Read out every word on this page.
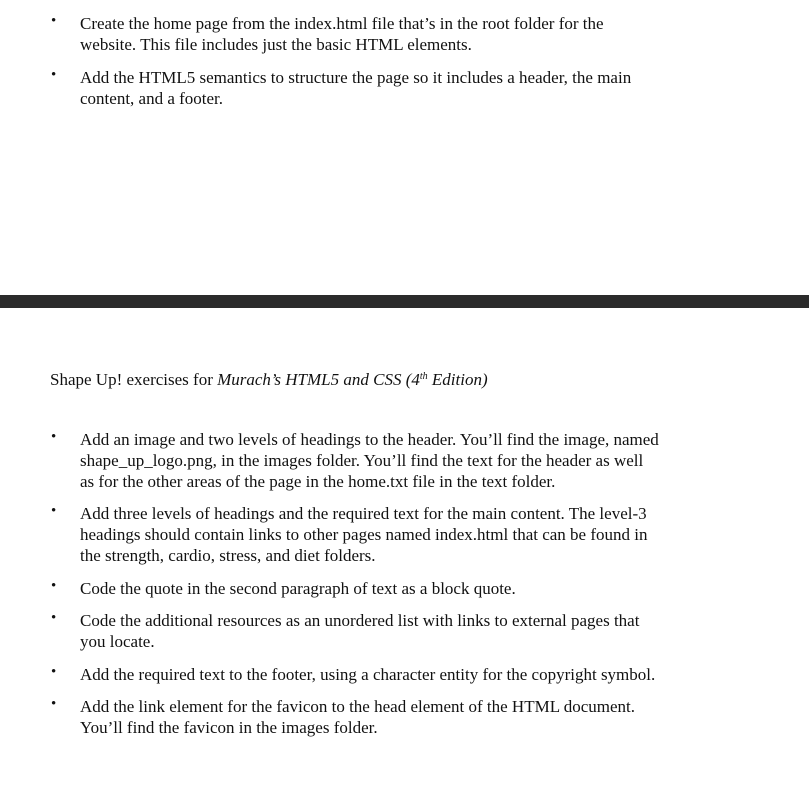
• Create the home page from the index.html file that’s in the root folder for the
website. This file includes just the basic HTML elements.
• Add the HTML5 semantics to structure the page so it includes a header, the main
content, and a footer.
Shape Up! exercises for Murach’s HTML5 and CSS (4th Edition)
• Add an image and two levels of headings to the header. You’ll find the image, named
shape_up_logo.png, in the images folder. You’ll find the text for the header as well
as for the other areas of the page in the home.txt file in the text folder.
• Add three levels of headings and the required text for the main content. The level-3
headings should contain links to other pages named index.html that can be found in
the strength, cardio, stress, and diet folders.
• Code the quote in the second paragraph of text as a block quote.
• Code the additional resources as an unordered list with links to external pages that
you locate.
• Add the required text to the footer, using a character entity for the copyright symbol.
• Add the link element for the favicon to the head element of the HTML document.
You’ll find the favicon in the images folder.
